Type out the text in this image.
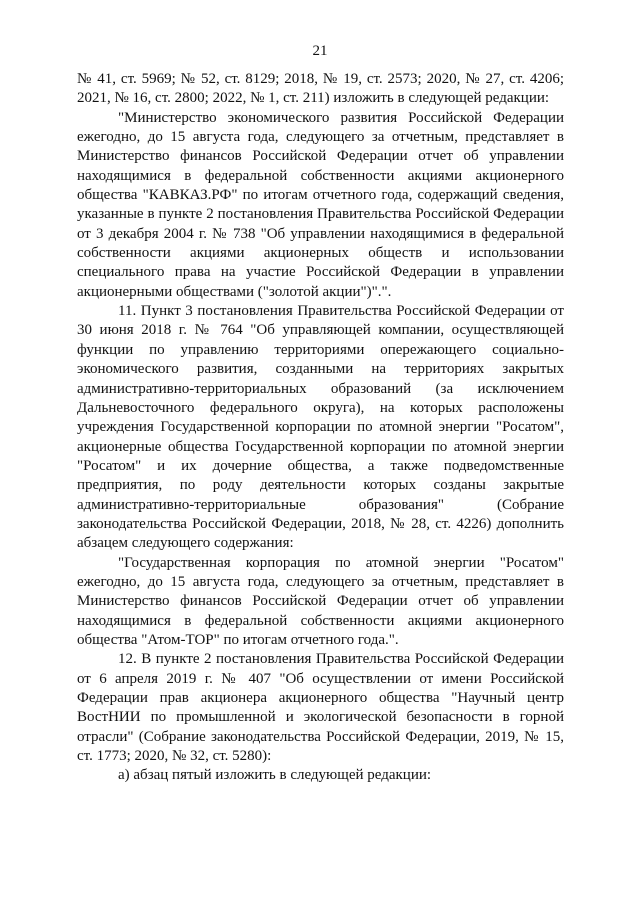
21

№ 41, ст. 5969; № 52, ст. 8129; 2018, № 19, ст. 2573; 2020, № 27, ст. 4206; 2021, № 16, ст. 2800; 2022, № 1, ст. 211) изложить в следующей редакции:

"Министерство экономического развития Российской Федерации ежегодно, до 15 августа года, следующего за отчетным, представляет в Министерство финансов Российской Федерации отчет об управлении находящимися в федеральной собственности акциями акционерного общества "КАВКАЗ.РФ" по итогам отчетного года, содержащий сведения, указанные в пункте 2 постановления Правительства Российской Федерации от 3 декабря 2004 г. № 738 "Об управлении находящимися в федеральной собственности акциями акционерных обществ и использовании специального права на участие Российской Федерации в управлении акционерными обществами ("золотой акции")".".

11. Пункт 3 постановления Правительства Российской Федерации от 30 июня 2018 г. № 764 "Об управляющей компании, осуществляющей функции по управлению территориями опережающего социально-экономического развития, созданными на территориях закрытых административно-территориальных образований (за исключением Дальневосточного федерального округа), на которых расположены учреждения Государственной корпорации по атомной энергии "Росатом", акционерные общества Государственной корпорации по атомной энергии "Росатом" и их дочерние общества, а также подведомственные предприятия, по роду деятельности которых созданы закрытые административно-территориальные образования" (Собрание законодательства Российской Федерации, 2018, № 28, ст. 4226) дополнить абзацем следующего содержания:

"Государственная корпорация по атомной энергии "Росатом" ежегодно, до 15 августа года, следующего за отчетным, представляет в Министерство финансов Российской Федерации отчет об управлении находящимися в федеральной собственности акциями акционерного общества "Атом-ТОР" по итогам отчетного года.".

12. В пункте 2 постановления Правительства Российской Федерации от 6 апреля 2019 г. № 407 "Об осуществлении от имени Российской Федерации прав акционера акционерного общества "Научный центр ВостНИИ по промышленной и экологической безопасности в горной отрасли" (Собрание законодательства Российской Федерации, 2019, № 15, ст. 1773; 2020, № 32, ст. 5280):

а) абзац пятый изложить в следующей редакции:
